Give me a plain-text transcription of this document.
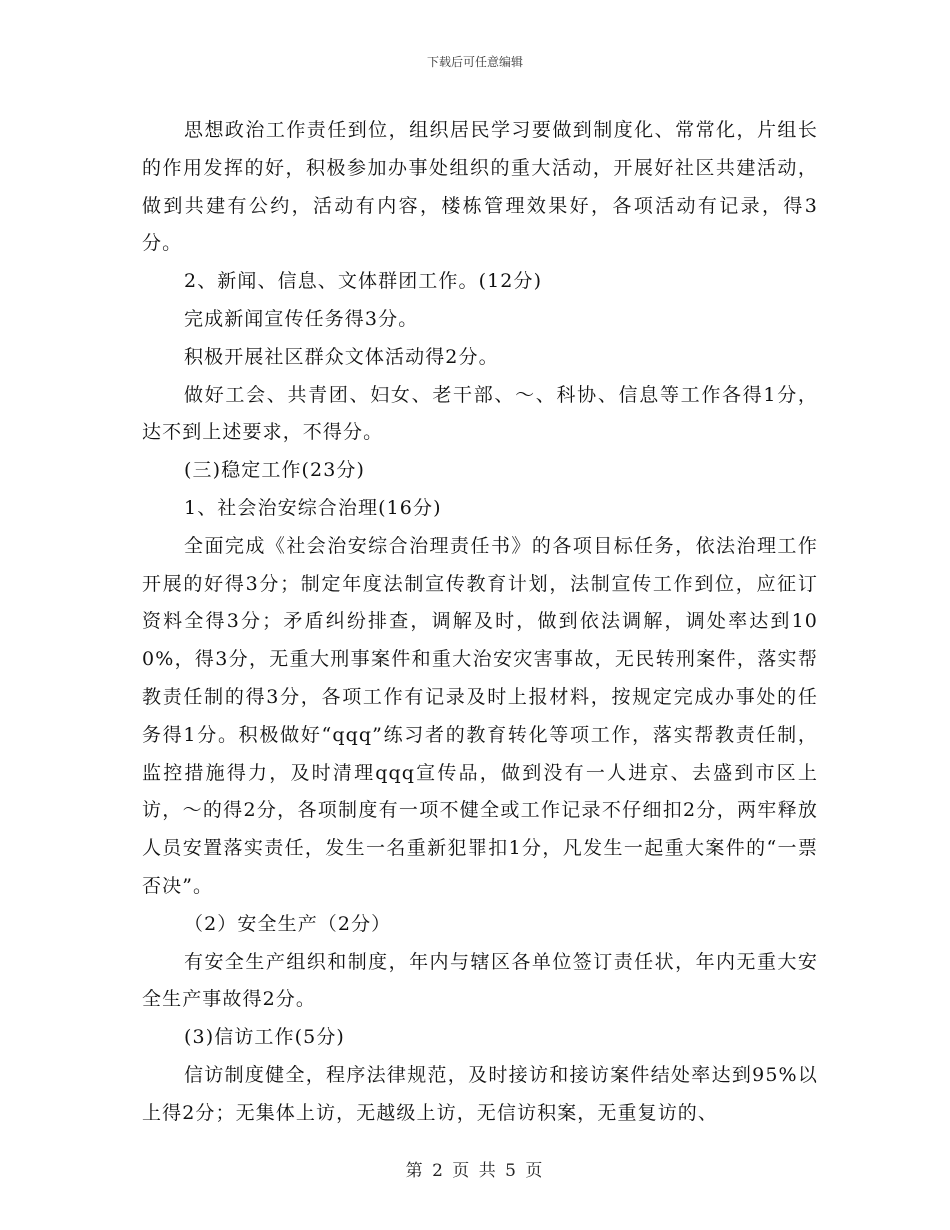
下载后可任意编辑

思想政治工作责任到位，组织居民学习要做到制度化、常常化，片组长的作用发挥的好，积极参加办事处组织的重大活动，开展好社区共建活动，做到共建有公约，活动有内容，楼栋管理效果好，各项活动有记录，得3分。

2、新闻、信息、文体群团工作。(12分)

完成新闻宣传任务得3分。

积极开展社区群众文体活动得2分。

做好工会、共青团、妇女、老干部、～、科协、信息等工作各得1分，达不到上述要求，不得分。

(三)稳定工作(23分)

1、社会治安综合治理(16分)

全面完成《社会治安综合治理责任书》的各项目标任务，依法治理工作开展的好得3分；制定年度法制宣传教育计划，法制宣传工作到位，应征订资料全得3分；矛盾纠纷排查，调解及时，做到依法调解，调处率达到100%，得3分，无重大刑事案件和重大治安灾害事故，无民转刑案件，落实帮教责任制的得3分，各项工作有记录及时上报材料，按规定完成办事处的任务得1分。积极做好“qqq”练习者的教育转化等项工作，落实帮教责任制，监控措施得力，及时清理qqq宣传品，做到没有一人进京、去盛到市区上访，～的得2分，各项制度有一项不健全或工作记录不仔细扣2分，两牢释放人员安置落实责任，发生一名重新犯罪扣1分，凡发生一起重大案件的“一票否决”。

（2）安全生产（2分）

有安全生产组织和制度，年内与辖区各单位签订责任状，年内无重大安全生产事故得2分。

(3)信访工作(5分)

信访制度健全，程序法律规范，及时接访和接访案件结处率达到95%以上得2分；无集体上访，无越级上访，无信访积案，无重复访的、

第 2 页 共 5 页
